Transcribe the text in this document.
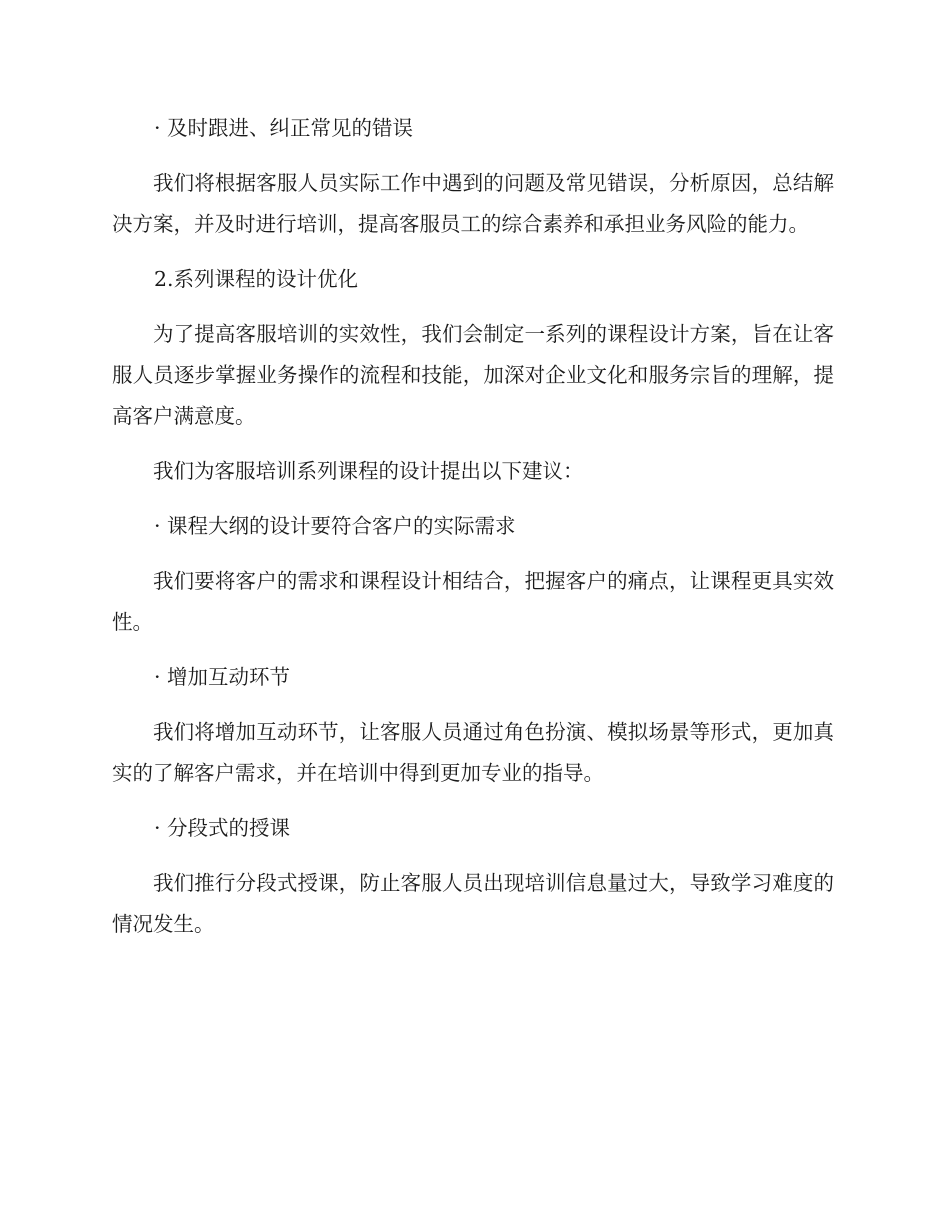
· 及时跟进、纠正常见的错误

我们将根据客服人员实际工作中遇到的问题及常见错误，分析原因，总结解决方案，并及时进行培训，提高客服员工的综合素养和承担业务风险的能力。

2.系列课程的设计优化

为了提高客服培训的实效性，我们会制定一系列的课程设计方案，旨在让客服人员逐步掌握业务操作的流程和技能，加深对企业文化和服务宗旨的理解，提高客户满意度。

我们为客服培训系列课程的设计提出以下建议：

· 课程大纲的设计要符合客户的实际需求

我们要将客户的需求和课程设计相结合，把握客户的痛点，让课程更具实效性。

· 增加互动环节

我们将增加互动环节，让客服人员通过角色扮演、模拟场景等形式，更加真实的了解客户需求，并在培训中得到更加专业的指导。

· 分段式的授课

我们推行分段式授课，防止客服人员出现培训信息量过大，导致学习难度的情况发生。
